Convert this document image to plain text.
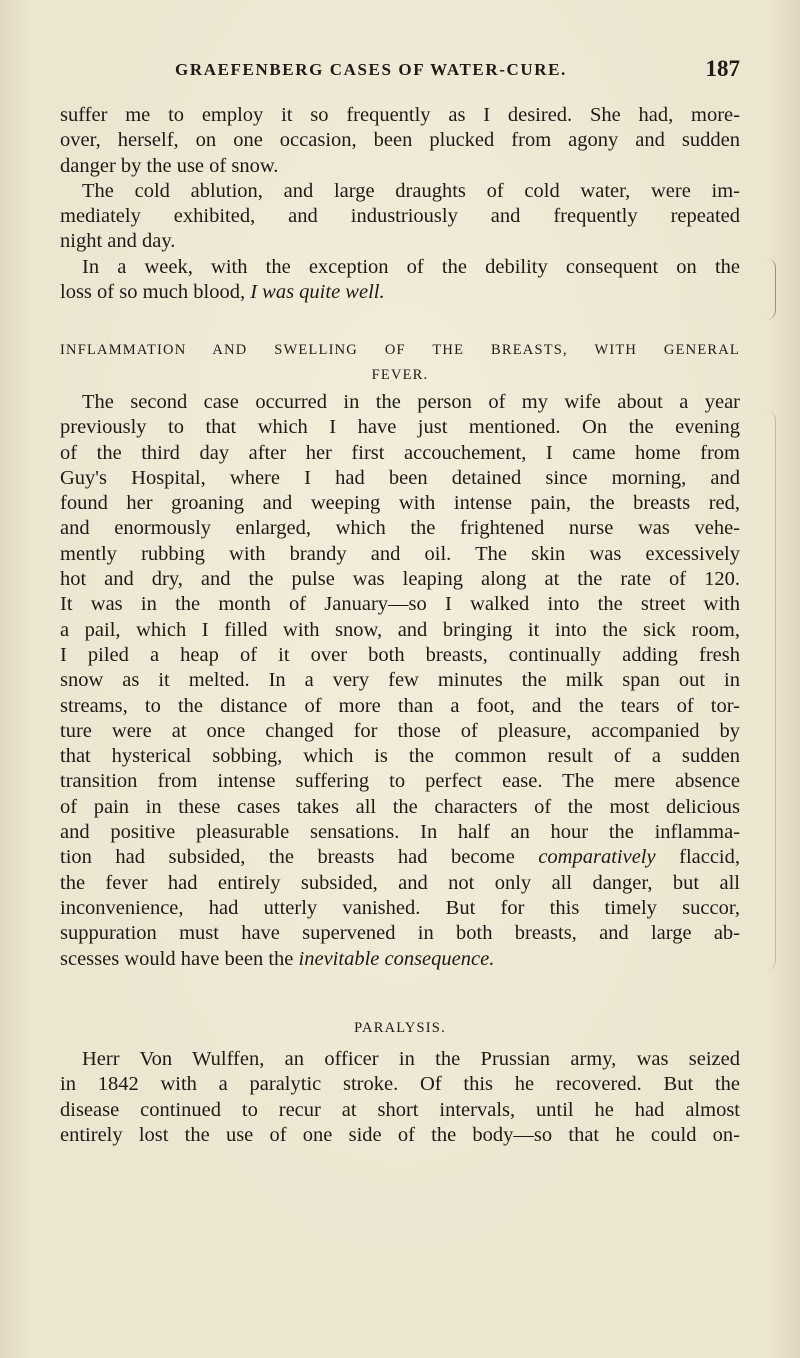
GRAEFENBERG CASES OF WATER-CURE.	187
suffer me to employ it so frequently as I desired. She had, more-
over, herself, on one occasion, been plucked from agony and sudden
danger by the use of snow.
The cold ablution, and large draughts of cold water, were im-
mediately exhibited, and industriously and frequently repeated
night and day.
In a week, with the exception of the debility consequent on the
loss of so much blood, I was quite well.
INFLAMMATION AND SWELLING OF THE BREASTS, WITH GENERAL
FEVER.
The second case occurred in the person of my wife about a year
previously to that which I have just mentioned. On the evening
of the third day after her first accouchement, I came home from
Guy's Hospital, where I had been detained since morning, and
found her groaning and weeping with intense pain, the breasts red,
and enormously enlarged, which the frightened nurse was vehe-
mently rubbing with brandy and oil. The skin was excessively
hot and dry, and the pulse was leaping along at the rate of 120.
It was in the month of January—so I walked into the street with
a pail, which I filled with snow, and bringing it into the sick room,
I piled a heap of it over both breasts, continually adding fresh
snow as it melted. In a very few minutes the milk span out in
streams, to the distance of more than a foot, and the tears of tor-
ture were at once changed for those of pleasure, accompanied by
that hysterical sobbing, which is the common result of a sudden
transition from intense suffering to perfect ease. The mere absence
of pain in these cases takes all the characters of the most delicious
and positive pleasurable sensations. In half an hour the inflamma-
tion had subsided, the breasts had become comparatively flaccid,
the fever had entirely subsided, and not only all danger, but all
inconvenience, had utterly vanished. But for this timely succor,
suppuration must have supervened in both breasts, and large ab-
scesses would have been the inevitable consequence.
PARALYSIS.
Herr Von Wulffen, an officer in the Prussian army, was seized
in 1842 with a paralytic stroke. Of this he recovered. But the
disease continued to recur at short intervals, until he had almost
entirely lost the use of one side of the body—so that he could on-
